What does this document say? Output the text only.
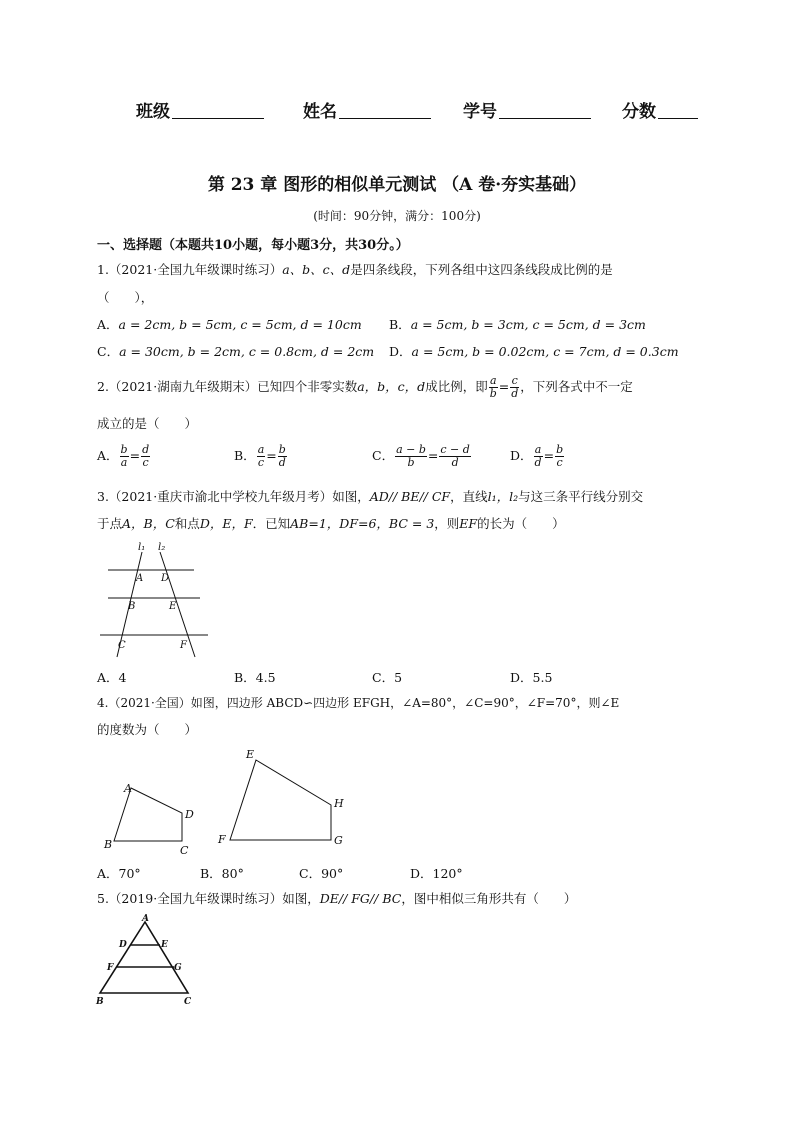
班级	姓名	学号	分数
第 23 章 图形的相似单元测试 （A 卷·夯实基础）
(时间：90分钟，满分：100分)
一、选择题（本题共10小题，每小题3分，共30分。）
1.（2021·全国九年级课时练习）a、b、c、d是四条线段，下列各组中这四条线段成比例的是
（　　），
A．a = 2cm, b = 5cm, c = 5cm, d = 10cm B．a = 5cm, b = 3cm, c = 5cm, d = 3cm
C．a = 30cm, b = 2cm, c = 0.8cm, d = 2cm D．a = 5cm, b = 0.02cm, c = 7cm, d = 0.3cm
2.（2021·湖南九年级期末）已知四个非零实数a，b，c，d成比例，即 $\frac{a}{b} = \frac{c}{d}$ ，下列各式中不一定
成立的是（　　）
A． $\frac{b}{a} = \frac{d}{c}$	B． $\frac{a}{c} = \frac{b}{d}$	C． $\frac{a - b}{b} = \frac{c - d}{d}$	D． $\frac{a}{d} = \frac{b}{c}$
3.（2021·重庆市渝北中学校九年级月考）如图，AD// BE// CF，直线l₁，l₂与这三条平行线分别交
于点A，B，C和点D，E，F．已知AB=1，DF=6，BC = 3，则EF的长为（　　）
l₁ l₂
A D
B	E
C	F
A．4	B．4.5	C．5	D．5.5
4.（2021·全国）如图，四边形 ABCD∽四边形 EFGH，∠A=80°，∠C=90°，∠F=70°，则∠E
的度数为（　　）
A
D
B	C
E
H
F	G
A．70°	B．80°	C．90°	D．120°
5.（2019·全国九年级课时练习）如图，DE// FG// BC，图中相似三角形共有（　　）
A
D	E
F	G
B	C
